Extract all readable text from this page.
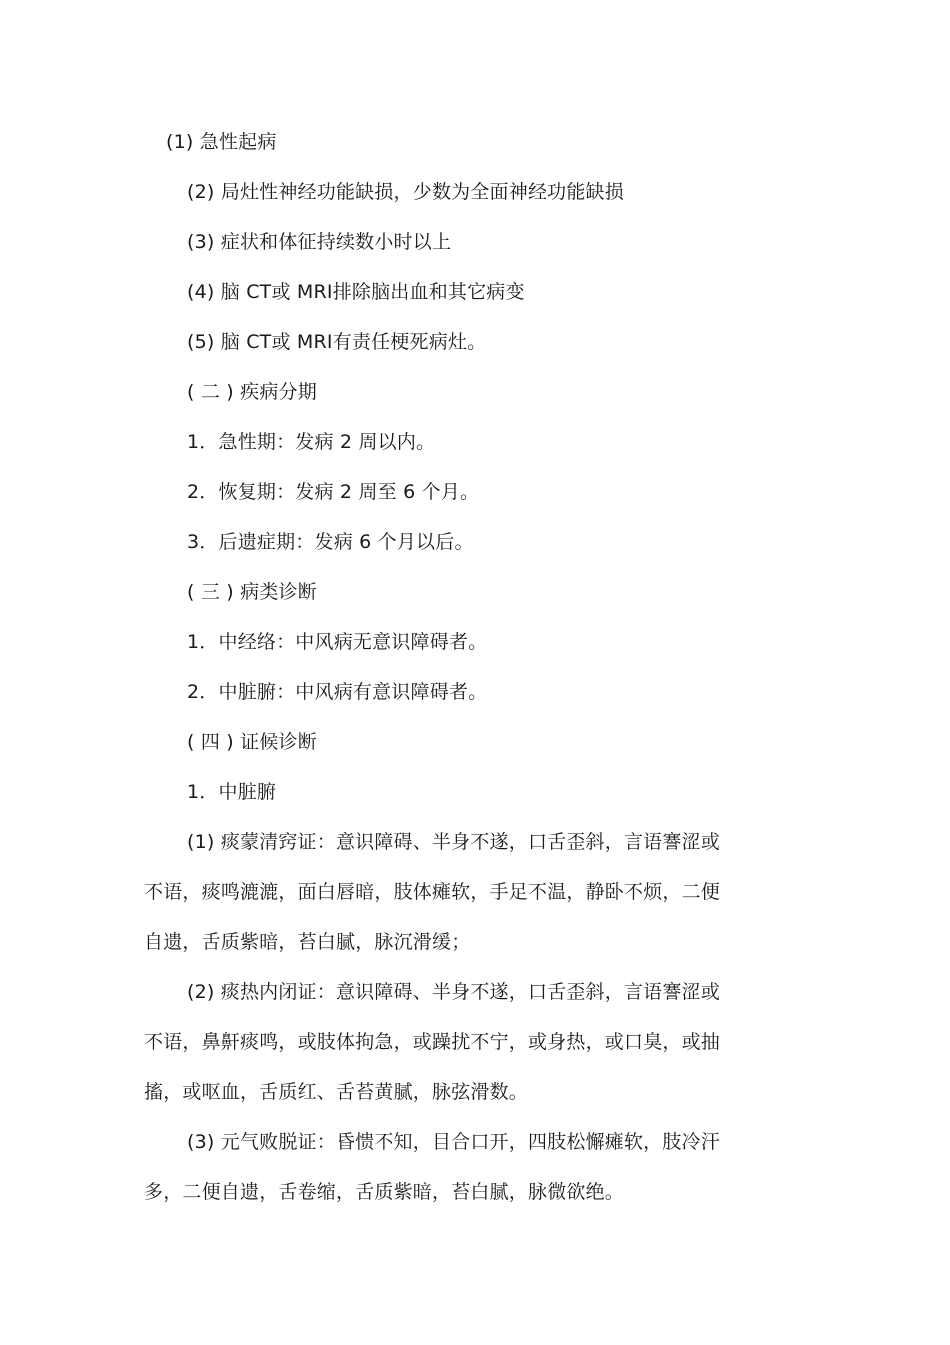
(1) 急性起病
(2) 局灶性神经功能缺损，少数为全面神经功能缺损
(3) 症状和体征持续数小时以上
(4) 脑 CT或 MRI排除脑出血和其它病变
(5) 脑 CT或 MRI有责任梗死病灶。
( 二 ) 疾病分期
1．急性期：发病 2 周以内。
2．恢复期：发病 2 周至 6 个月。
3．后遗症期：发病 6 个月以后。
( 三 ) 病类诊断
1．中经络：中风病无意识障碍者。
2．中脏腑：中风病有意识障碍者。
( 四 ) 证候诊断
1．中脏腑
(1) 痰蒙清窍证：意识障碍、半身不遂，口舌歪斜，言语謇涩或
不语，痰鸣漉漉，面白唇暗，肢体瘫软，手足不温，静卧不烦，二便
自遗，舌质紫暗，苔白腻，脉沉滑缓；
(2) 痰热内闭证：意识障碍、半身不遂，口舌歪斜，言语謇涩或
不语，鼻鼾痰鸣，或肢体拘急，或躁扰不宁，或身热，或口臭，或抽
搐，或呕血，舌质红、舌苔黄腻，脉弦滑数。
(3) 元气败脱证：昏愦不知，目合口开，四肢松懈瘫软，肢冷汗
多，二便自遗，舌卷缩，舌质紫暗，苔白腻，脉微欲绝。
